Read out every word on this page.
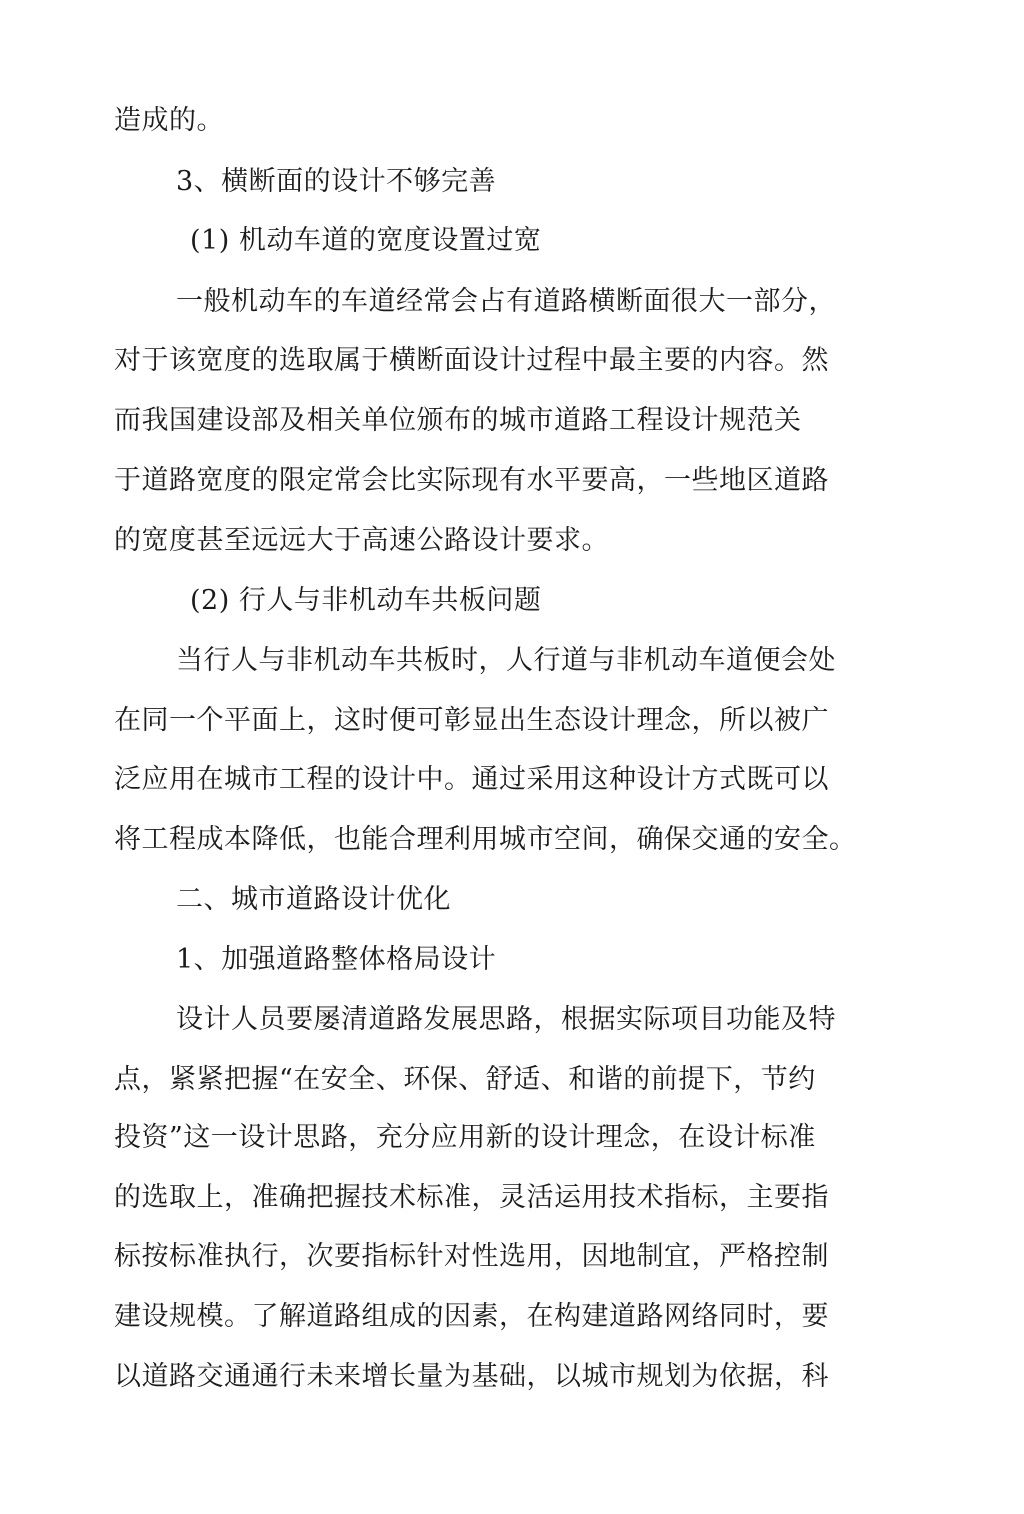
造成的。
3、横断面的设计不够完善
(1) 机动车道的宽度设置过宽
一般机动车的车道经常会占有道路横断面很大一部分，
对于该宽度的选取属于横断面设计过程中最主要的内容。然
而我国建设部及相关单位颁布的城市道路工程设计规范关
于道路宽度的限定常会比实际现有水平要高，一些地区道路
的宽度甚至远远大于高速公路设计要求。
(2) 行人与非机动车共板问题
当行人与非机动车共板时，人行道与非机动车道便会处
在同一个平面上，这时便可彰显出生态设计理念，所以被广
泛应用在城市工程的设计中。通过采用这种设计方式既可以
将工程成本降低，也能合理利用城市空间，确保交通的安全。
二、城市道路设计优化
1、加强道路整体格局设计
设计人员要屡清道路发展思路，根据实际项目功能及特
点，紧紧把握“在安全、环保、舒适、和谐的前提下，节约
投资”这一设计思路，充分应用新的设计理念，在设计标准
的选取上，准确把握技术标准，灵活运用技术指标，主要指
标按标准执行，次要指标针对性选用，因地制宜，严格控制
建设规模。了解道路组成的因素，在构建道路网络同时，要
以道路交通通行未来增长量为基础，以城市规划为依据，科
